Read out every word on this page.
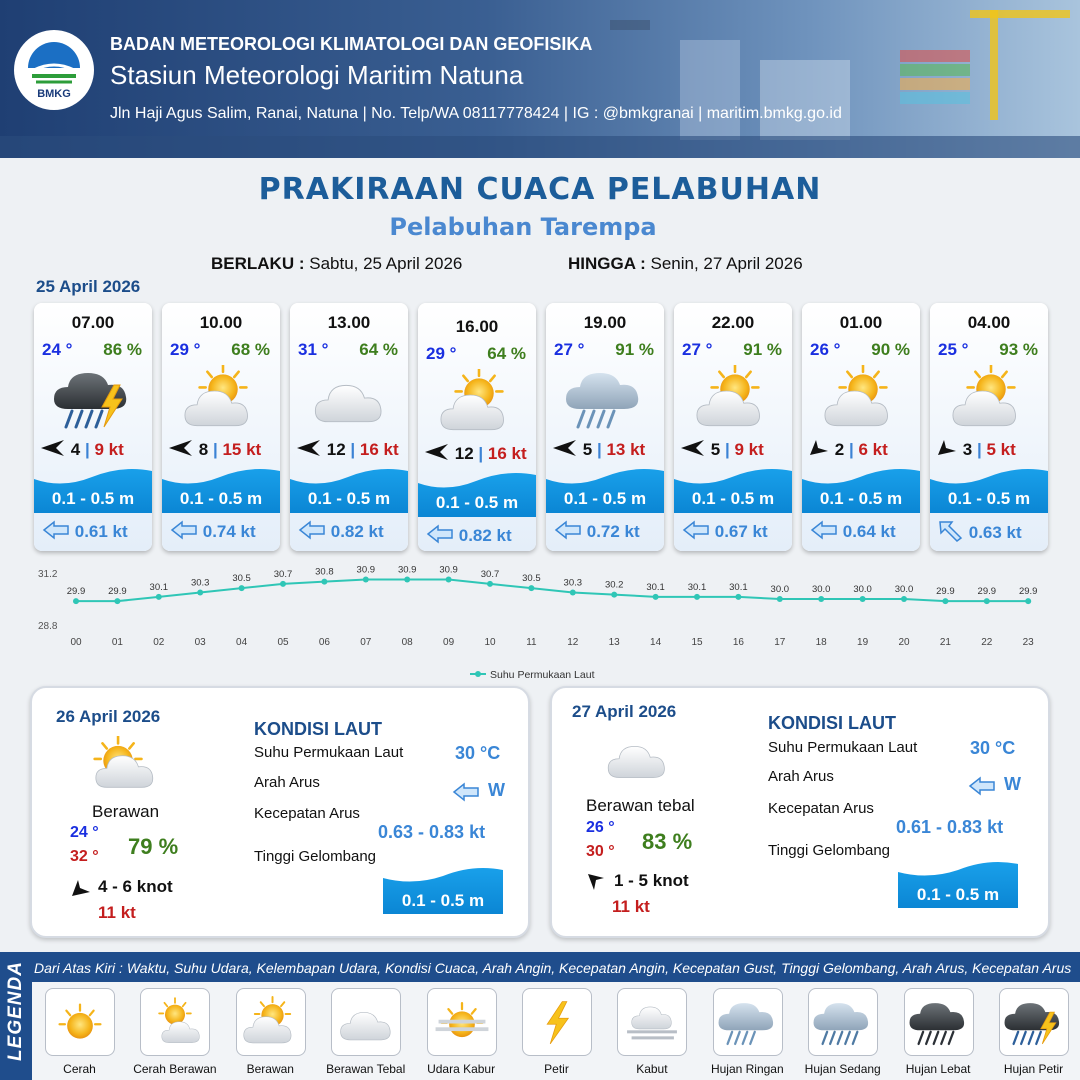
BMKG
BADAN METEOROLOGI KLIMATOLOGI DAN GEOFISIKA
Stasiun Meteorologi Maritim Natuna
Jln Haji Agus Salim, Ranai, Natuna | No. Telp/WA 08117778424 | IG : @bmkgranai | maritim.bmkg.go.id
PRAKIRAAN CUACA PELABUHAN
Pelabuhan Tarempa
BERLAKU : Sabtu, 25 April 2026	HINGGA : Senin, 27 April 2026
25 April 2026
07.00
24 ° 86 %
4 | 9 kt
0.1 - 0.5 m
0.61 kt
10.00
29 ° 68 %
8 | 15 kt
0.1 - 0.5 m
0.74 kt
13.00
31 ° 64 %
12 | 16 kt
0.1 - 0.5 m
0.82 kt
16.00
29 ° 64 %
12 | 16 kt
0.1 - 0.5 m
0.82 kt
19.00
27 ° 91 %
5 | 13 kt
0.1 - 0.5 m
0.72 kt
22.00
27 ° 91 %
5 | 9 kt
0.1 - 0.5 m
0.67 kt
01.00
26 ° 90 %
2 | 6 kt
0.1 - 0.5 m
0.64 kt
04.00
25 ° 93 %
3 | 5 kt
0.1 - 0.5 m
0.63 kt
31.2
28.8
29.9
00
29.9
01
30.1
02
30.3
03
30.5
04
30.7
05
30.8
06
30.9
07
30.9
08
30.9
09
30.7
10
30.5
11
30.3
12
30.2
13
30.1
14
30.1
15
30.1
16
30.0
17
30.0
18
30.0
19
30.0
20
29.9
21
29.9
22
29.9
23
Suhu Permukaan Laut
26 April 2026
Berawan
24 °
32 ° 79 %
4 - 6 knot
11 kt
KONDISI LAUT
Suhu Permukaan Laut	30 °C
Arah Arus	W
Kecepatan Arus
0.63 - 0.83 kt
Tinggi Gelombang
0.1 - 0.5 m
27 April 2026
Berawan tebal
26 °
30 ° 83 %
1 - 5 knot
11 kt
KONDISI LAUT
Suhu Permukaan Laut	30 °C
Arah Arus	W
Kecepatan Arus
0.61 - 0.83 kt
Tinggi Gelombang
0.1 - 0.5 m
LEGENDA Dari Atas Kiri : Waktu, Suhu Udara, Kelembapan Udara, Kondisi Cuaca, Arah Angin, Kecepatan Angin, Kecepatan Gust, Tinggi Gelombang, Arah Arus, Kecepatan Arus
Cerah	Cerah Berawan	Berawan	Berawan Tebal	Udara Kabur	Petir	Kabut	Hujan Ringan	Hujan Sedang	Hujan Lebat	Hujan Petir
